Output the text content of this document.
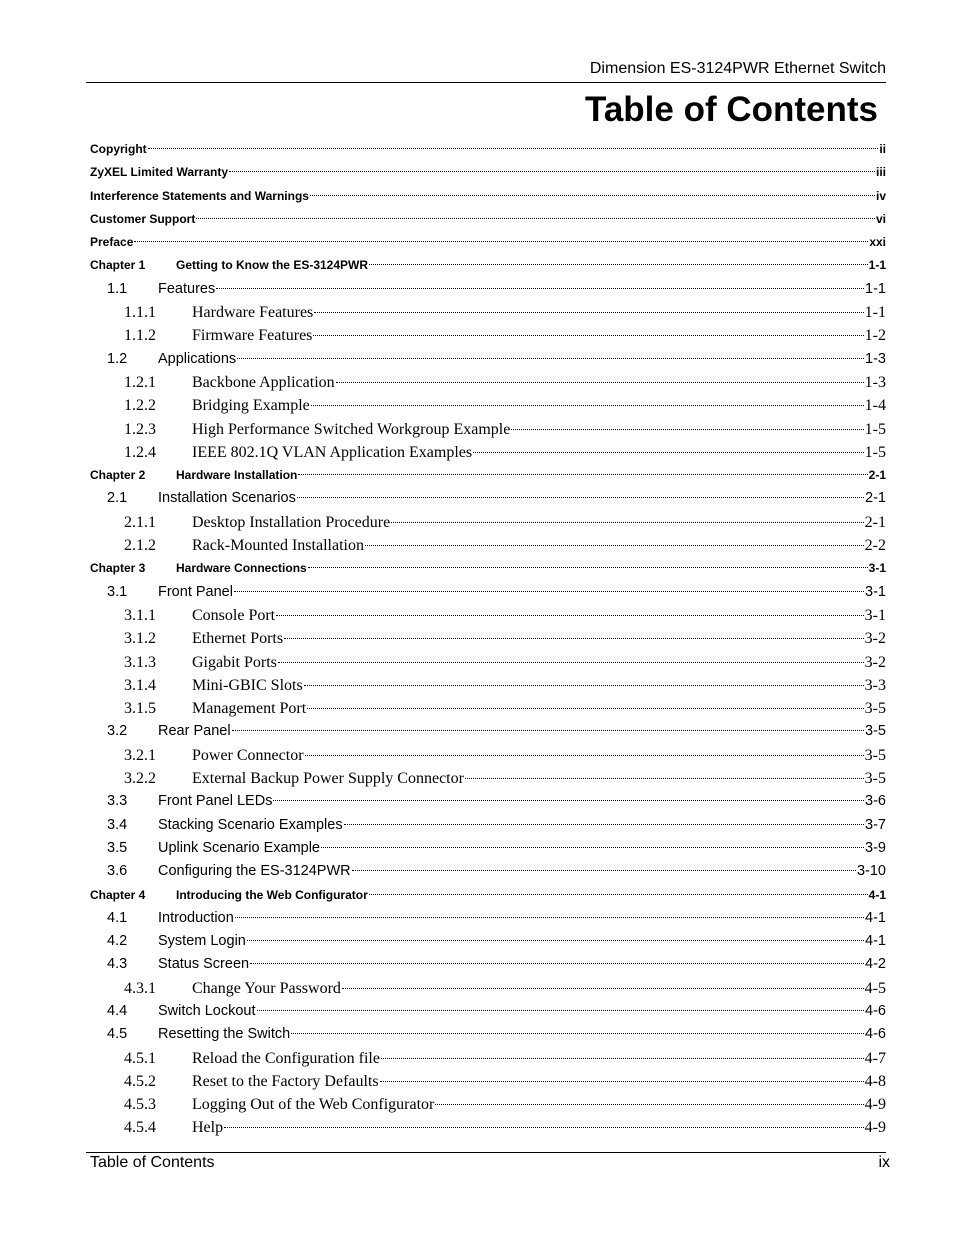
Dimension ES-3124PWR Ethernet Switch
Table of Contents
Copyright	ii
ZyXEL Limited Warranty	iii
Interference Statements and Warnings	iv
Customer Support	vi
Preface	xxi
Chapter 1	Getting to Know the ES-3124PWR	1-1
1.1	Features	1-1
1.1.1	Hardware Features	1-1
1.1.2	Firmware Features	1-2
1.2	Applications	1-3
1.2.1	Backbone Application	1-3
1.2.2	Bridging Example	1-4
1.2.3	High Performance Switched Workgroup Example	1-5
1.2.4	IEEE 802.1Q VLAN Application Examples	1-5
Chapter 2	Hardware Installation	2-1
2.1	Installation Scenarios	2-1
2.1.1	Desktop Installation Procedure	2-1
2.1.2	Rack-Mounted Installation	2-2
Chapter 3	Hardware Connections	3-1
3.1	Front Panel	3-1
3.1.1	Console Port	3-1
3.1.2	Ethernet Ports	3-2
3.1.3	Gigabit Ports	3-2
3.1.4	Mini-GBIC Slots	3-3
3.1.5	Management Port	3-5
3.2	Rear Panel	3-5
3.2.1	Power Connector	3-5
3.2.2	External Backup Power Supply Connector	3-5
3.3	Front Panel LEDs	3-6
3.4	Stacking Scenario Examples	3-7
3.5	Uplink Scenario Example	3-9
3.6	Configuring the ES-3124PWR	3-10
Chapter 4	Introducing the Web Configurator	4-1
4.1	Introduction	4-1
4.2	System Login	4-1
4.3	Status Screen	4-2
4.3.1	Change Your Password	4-5
4.4	Switch Lockout	4-6
4.5	Resetting the Switch	4-6
4.5.1	Reload the Configuration file	4-7
4.5.2	Reset to the Factory Defaults	4-8
4.5.3	Logging Out of the Web Configurator	4-9
4.5.4	Help	4-9
Table of Contents	ix
